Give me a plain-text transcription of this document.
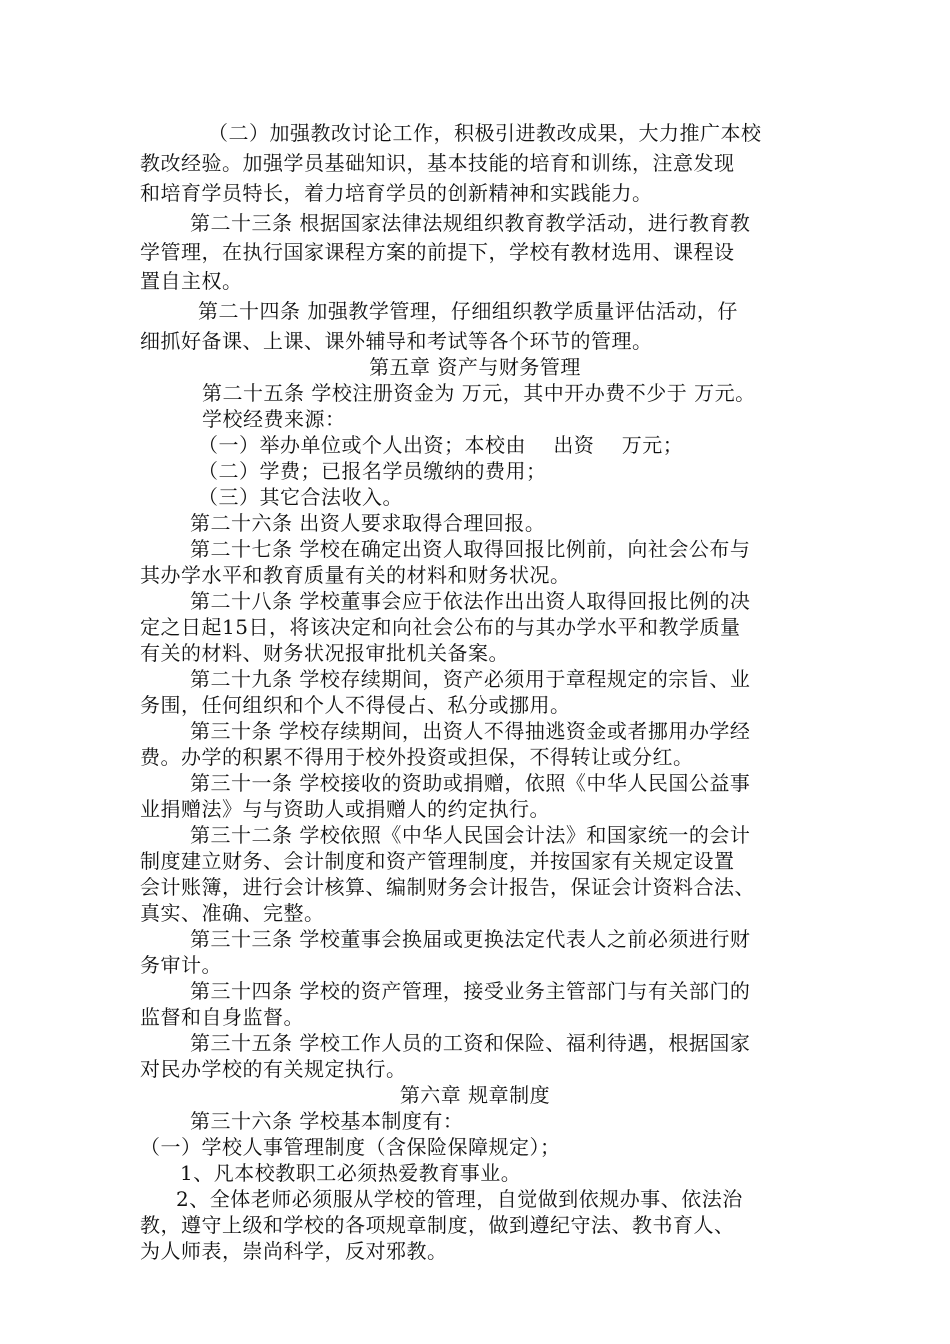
（二）加强教改讨论工作，积极引进教改成果，大力推广本校
教改经验。加强学员基础知识，基本技能的培育和训练，注意发现
和培育学员特长，着力培育学员的创新精神和实践能力。
第二十三条 根据国家法律法规组织教育教学活动，进行教育教
学管理，在执行国家课程方案的前提下，学校有教材选用、课程设
置自主权。
第二十四条 加强教学管理，仔细组织教学质量评估活动，仔
细抓好备课、上课、课外辅导和考试等各个环节的管理。
第五章 资产与财务管理
第二十五条 学校注册资金为 万元，其中开办费不少于 万元。
学校经费来源：
（一）举办单位或个人出资；本校由　 出资　 万元；
（二）学费；已报名学员缴纳的费用；
（三）其它合法收入。
第二十六条 出资人要求取得合理回报。
第二十七条 学校在确定出资人取得回报比例前，向社会公布与
其办学水平和教育质量有关的材料和财务状况。
第二十八条 学校董事会应于依法作出出资人取得回报比例的决
定之日起15日，将该决定和向社会公布的与其办学水平和教学质量
有关的材料、财务状况报审批机关备案。
第二十九条 学校存续期间，资产必须用于章程规定的宗旨、业
务围，任何组织和个人不得侵占、私分或挪用。
第三十条 学校存续期间，出资人不得抽逃资金或者挪用办学经
费。办学的积累不得用于校外投资或担保，不得转让或分红。
第三十一条 学校接收的资助或捐赠，依照《中华人民国公益事
业捐赠法》与与资助人或捐赠人的约定执行。
第三十二条 学校依照《中华人民国会计法》和国家统一的会计
制度建立财务、会计制度和资产管理制度，并按国家有关规定设置
会计账簿，进行会计核算、编制财务会计报告，保证会计资料合法、
真实、准确、完整。
第三十三条 学校董事会换届或更换法定代表人之前必须进行财
务审计。
第三十四条 学校的资产管理，接受业务主管部门与有关部门的
监督和自身监督。
第三十五条 学校工作人员的工资和保险、福利待遇，根据国家
对民办学校的有关规定执行。
第六章 规章制度
第三十六条 学校基本制度有：
（一）学校人事管理制度（含保险保障规定）；
1、凡本校教职工必须热爱教育事业。
2、全体老师必须服从学校的管理，自觉做到依规办事、依法治
教，遵守上级和学校的各项规章制度，做到遵纪守法、教书育人、
为人师表，崇尚科学，反对邪教。
